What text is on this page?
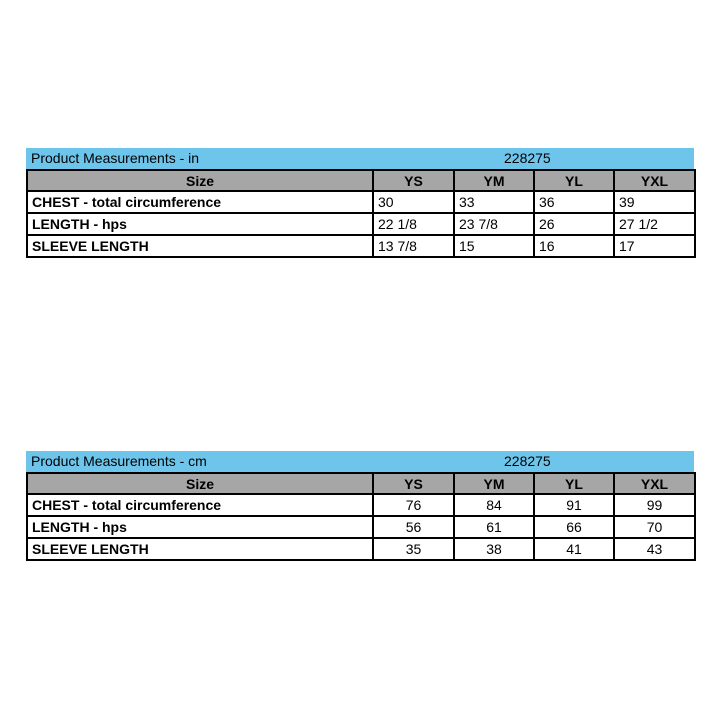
Product Measurements - in	228275
Size	YS	YM	YL	YXL
CHEST - total circumference	30	33	36	39
LENGTH - hps	22 1/8	23 7/8	26	27 1/2
SLEEVE LENGTH	13 7/8	15	16	17
Product Measurements - cm	228275
Size	YS	YM	YL	YXL
CHEST - total circumference	76	84	91	99
LENGTH - hps	56	61	66	70
SLEEVE LENGTH	35	38	41	43
